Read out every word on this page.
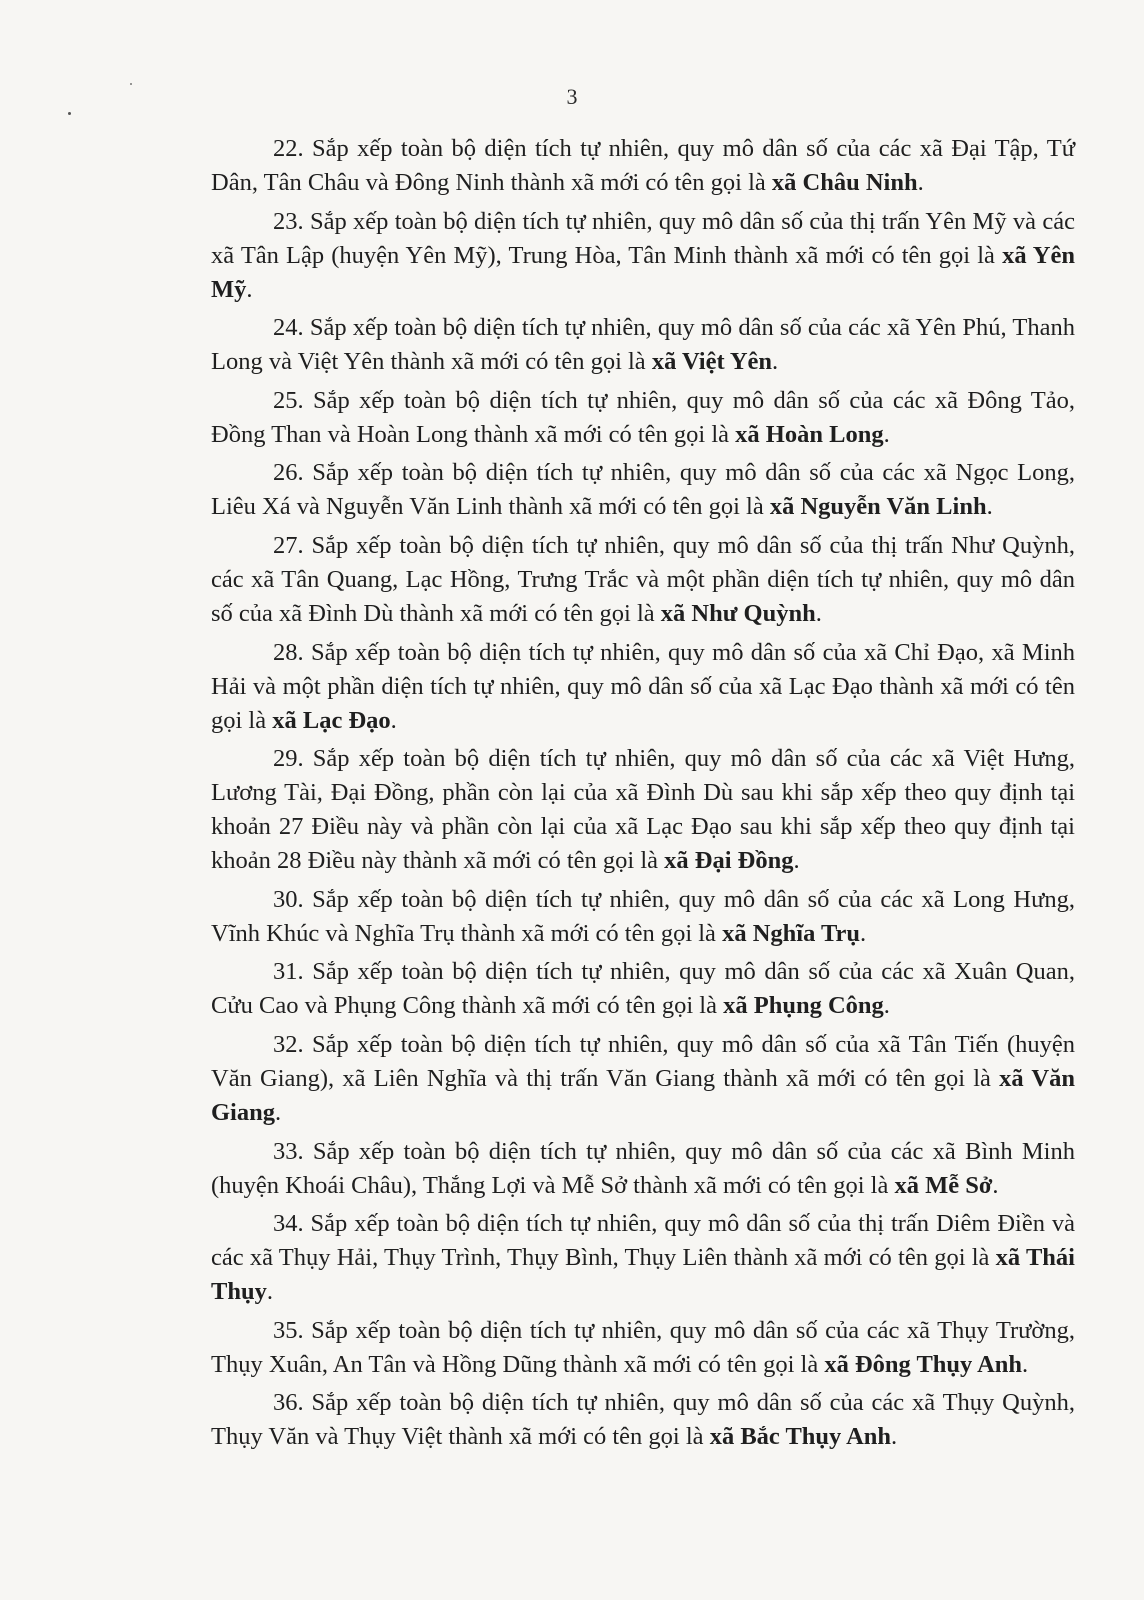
3

22. Sắp xếp toàn bộ diện tích tự nhiên, quy mô dân số của các xã Đại Tập, Tứ Dân, Tân Châu và Đông Ninh thành xã mới có tên gọi là xã Châu Ninh.

23. Sắp xếp toàn bộ diện tích tự nhiên, quy mô dân số của thị trấn Yên Mỹ và các xã Tân Lập (huyện Yên Mỹ), Trung Hòa, Tân Minh thành xã mới có tên gọi là xã Yên Mỹ.

24. Sắp xếp toàn bộ diện tích tự nhiên, quy mô dân số của các xã Yên Phú, Thanh Long và Việt Yên thành xã mới có tên gọi là xã Việt Yên.

25. Sắp xếp toàn bộ diện tích tự nhiên, quy mô dân số của các xã Đông Tảo, Đồng Than và Hoàn Long thành xã mới có tên gọi là xã Hoàn Long.

26. Sắp xếp toàn bộ diện tích tự nhiên, quy mô dân số của các xã Ngọc Long, Liêu Xá và Nguyễn Văn Linh thành xã mới có tên gọi là xã Nguyễn Văn Linh.

27. Sắp xếp toàn bộ diện tích tự nhiên, quy mô dân số của thị trấn Như Quỳnh, các xã Tân Quang, Lạc Hồng, Trưng Trắc và một phần diện tích tự nhiên, quy mô dân số của xã Đình Dù thành xã mới có tên gọi là xã Như Quỳnh.

28. Sắp xếp toàn bộ diện tích tự nhiên, quy mô dân số của xã Chỉ Đạo, xã Minh Hải và một phần diện tích tự nhiên, quy mô dân số của xã Lạc Đạo thành xã mới có tên gọi là xã Lạc Đạo.

29. Sắp xếp toàn bộ diện tích tự nhiên, quy mô dân số của các xã Việt Hưng, Lương Tài, Đại Đồng, phần còn lại của xã Đình Dù sau khi sắp xếp theo quy định tại khoản 27 Điều này và phần còn lại của xã Lạc Đạo sau khi sắp xếp theo quy định tại khoản 28 Điều này thành xã mới có tên gọi là xã Đại Đồng.

30. Sắp xếp toàn bộ diện tích tự nhiên, quy mô dân số của các xã Long Hưng, Vĩnh Khúc và Nghĩa Trụ thành xã mới có tên gọi là xã Nghĩa Trụ.

31. Sắp xếp toàn bộ diện tích tự nhiên, quy mô dân số của các xã Xuân Quan, Cửu Cao và Phụng Công thành xã mới có tên gọi là xã Phụng Công.

32. Sắp xếp toàn bộ diện tích tự nhiên, quy mô dân số của xã Tân Tiến (huyện Văn Giang), xã Liên Nghĩa và thị trấn Văn Giang thành xã mới có tên gọi là xã Văn Giang.

33. Sắp xếp toàn bộ diện tích tự nhiên, quy mô dân số của các xã Bình Minh (huyện Khoái Châu), Thắng Lợi và Mễ Sở thành xã mới có tên gọi là xã Mễ Sở.

34. Sắp xếp toàn bộ diện tích tự nhiên, quy mô dân số của thị trấn Diêm Điền và các xã Thụy Hải, Thụy Trình, Thụy Bình, Thụy Liên thành xã mới có tên gọi là xã Thái Thụy.

35. Sắp xếp toàn bộ diện tích tự nhiên, quy mô dân số của các xã Thụy Trường, Thụy Xuân, An Tân và Hồng Dũng thành xã mới có tên gọi là xã Đông Thụy Anh.

36. Sắp xếp toàn bộ diện tích tự nhiên, quy mô dân số của các xã Thụy Quỳnh, Thụy Văn và Thụy Việt thành xã mới có tên gọi là xã Bắc Thụy Anh.
